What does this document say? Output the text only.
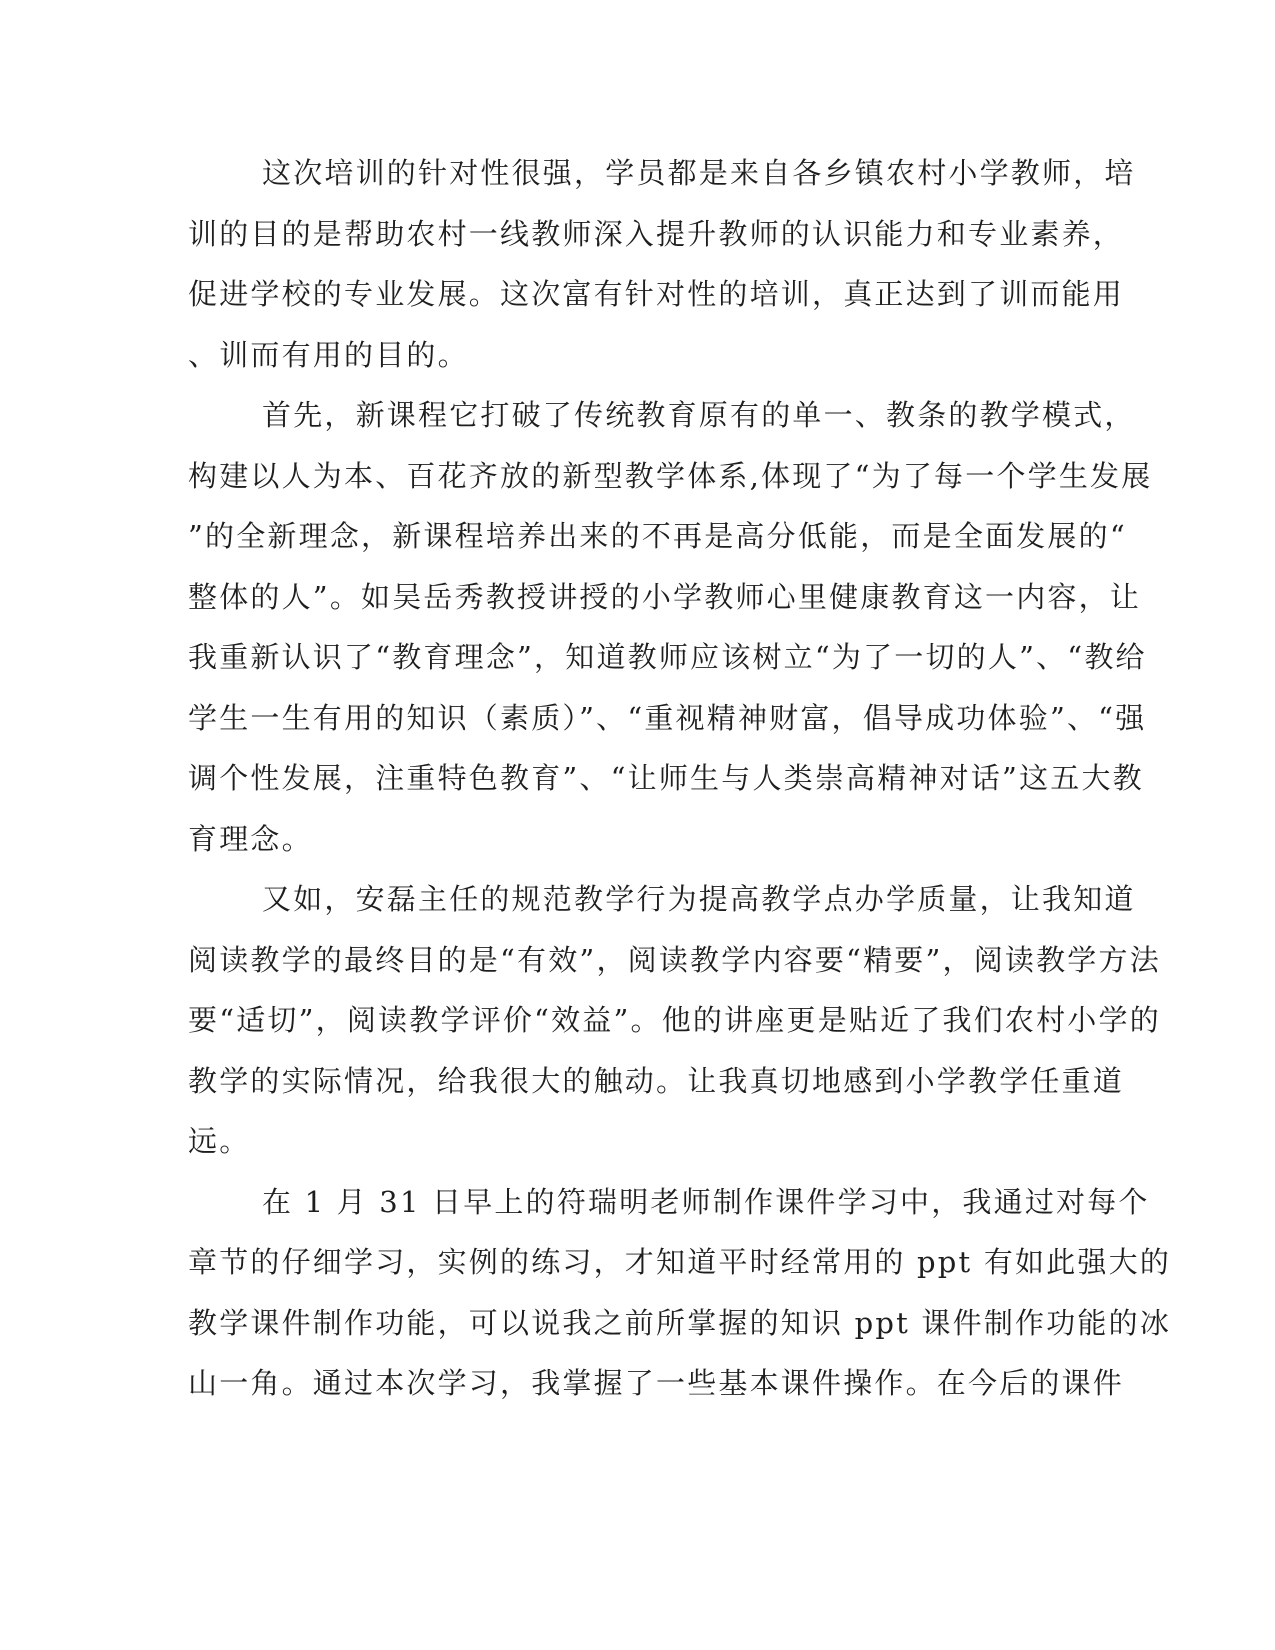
这次培训的针对性很强，学员都是来自各乡镇农村小学教师，培
训的目的是帮助农村一线教师深入提升教师的认识能力和专业素养，
促进学校的专业发展。这次富有针对性的培训，真正达到了训而能用
、训而有用的目的。
首先，新课程它打破了传统教育原有的单一、教条的教学模式，
构建以人为本、百花齐放的新型教学体系,体现了“为了每一个学生发展
”的全新理念，新课程培养出来的不再是高分低能，而是全面发展的“
整体的人”。如吴岳秀教授讲授的小学教师心里健康教育这一内容，让
我重新认识了“教育理念”，知道教师应该树立“为了一切的人”、“教给
学生一生有用的知识（素质）”、“重视精神财富，倡导成功体验”、“强
调个性发展，注重特色教育”、“让师生与人类崇高精神对话”这五大教
育理念。
又如，安磊主任的规范教学行为提高教学点办学质量，让我知道
阅读教学的最终目的是“有效”，阅读教学内容要“精要”，阅读教学方法
要“适切”，阅读教学评价“效益”。他的讲座更是贴近了我们农村小学的
教学的实际情况，给我很大的触动。让我真切地感到小学教学任重道
远。
在 1 月 31 日早上的符瑞明老师制作课件学习中，我通过对每个
章节的仔细学习，实例的练习，才知道平时经常用的 ppt 有如此强大的
教学课件制作功能，可以说我之前所掌握的知识 ppt 课件制作功能的冰
山一角。通过本次学习，我掌握了一些基本课件操作。在今后的课件
